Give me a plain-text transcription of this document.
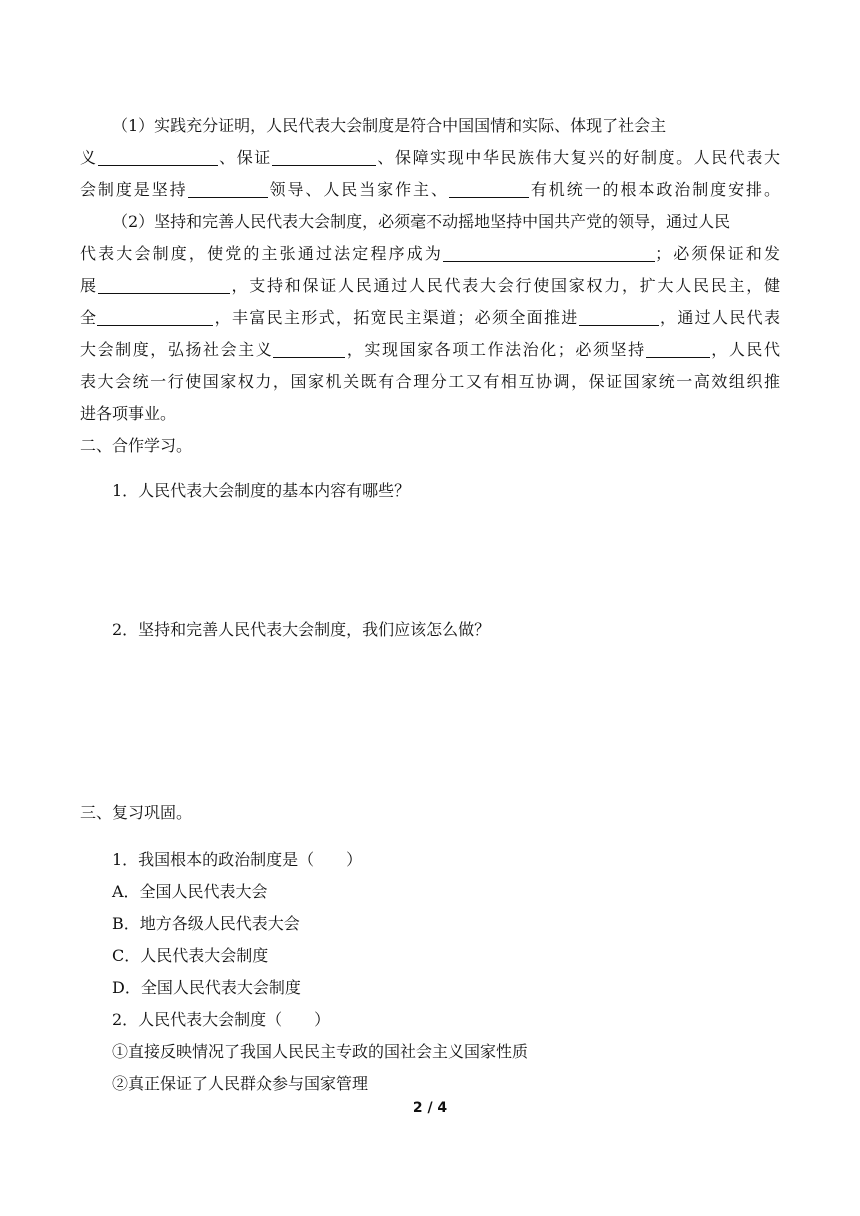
（1）实践充分证明，人民代表大会制度是符合中国国情和实际、体现了社会主
义	、保证	、保障实现中华民族伟大复兴的好制度。人民代表大
会制度是坚持	领导、人民当家作主、	有机统一的根本政治制度安排。
（2）坚持和完善人民代表大会制度，必须毫不动摇地坚持中国共产党的领导，通过人民
代表大会制度，使党的主张通过法定程序成为	；必须保证和发
展	，支持和保证人民通过人民代表大会行使国家权力，扩大人民民主，健
全	，丰富民主形式，拓宽民主渠道；必须全面推进	，通过人民代表
大会制度，弘扬社会主义	，实现国家各项工作法治化；必须坚持	，人民代
表大会统一行使国家权力，国家机关既有合理分工又有相互协调，保证国家统一高效组织推
进各项事业。
二、合作学习。
1．人民代表大会制度的基本内容有哪些？
2．坚持和完善人民代表大会制度，我们应该怎么做？
三、复习巩固。
1．我国根本的政治制度是（　　）
A．全国人民代表大会
B．地方各级人民代表大会
C．人民代表大会制度
D．全国人民代表大会制度
2．人民代表大会制度（　　）
①直接反映情况了我国人民民主专政的国社会主义国家性质
②真正保证了人民群众参与国家管理
2 / 4
